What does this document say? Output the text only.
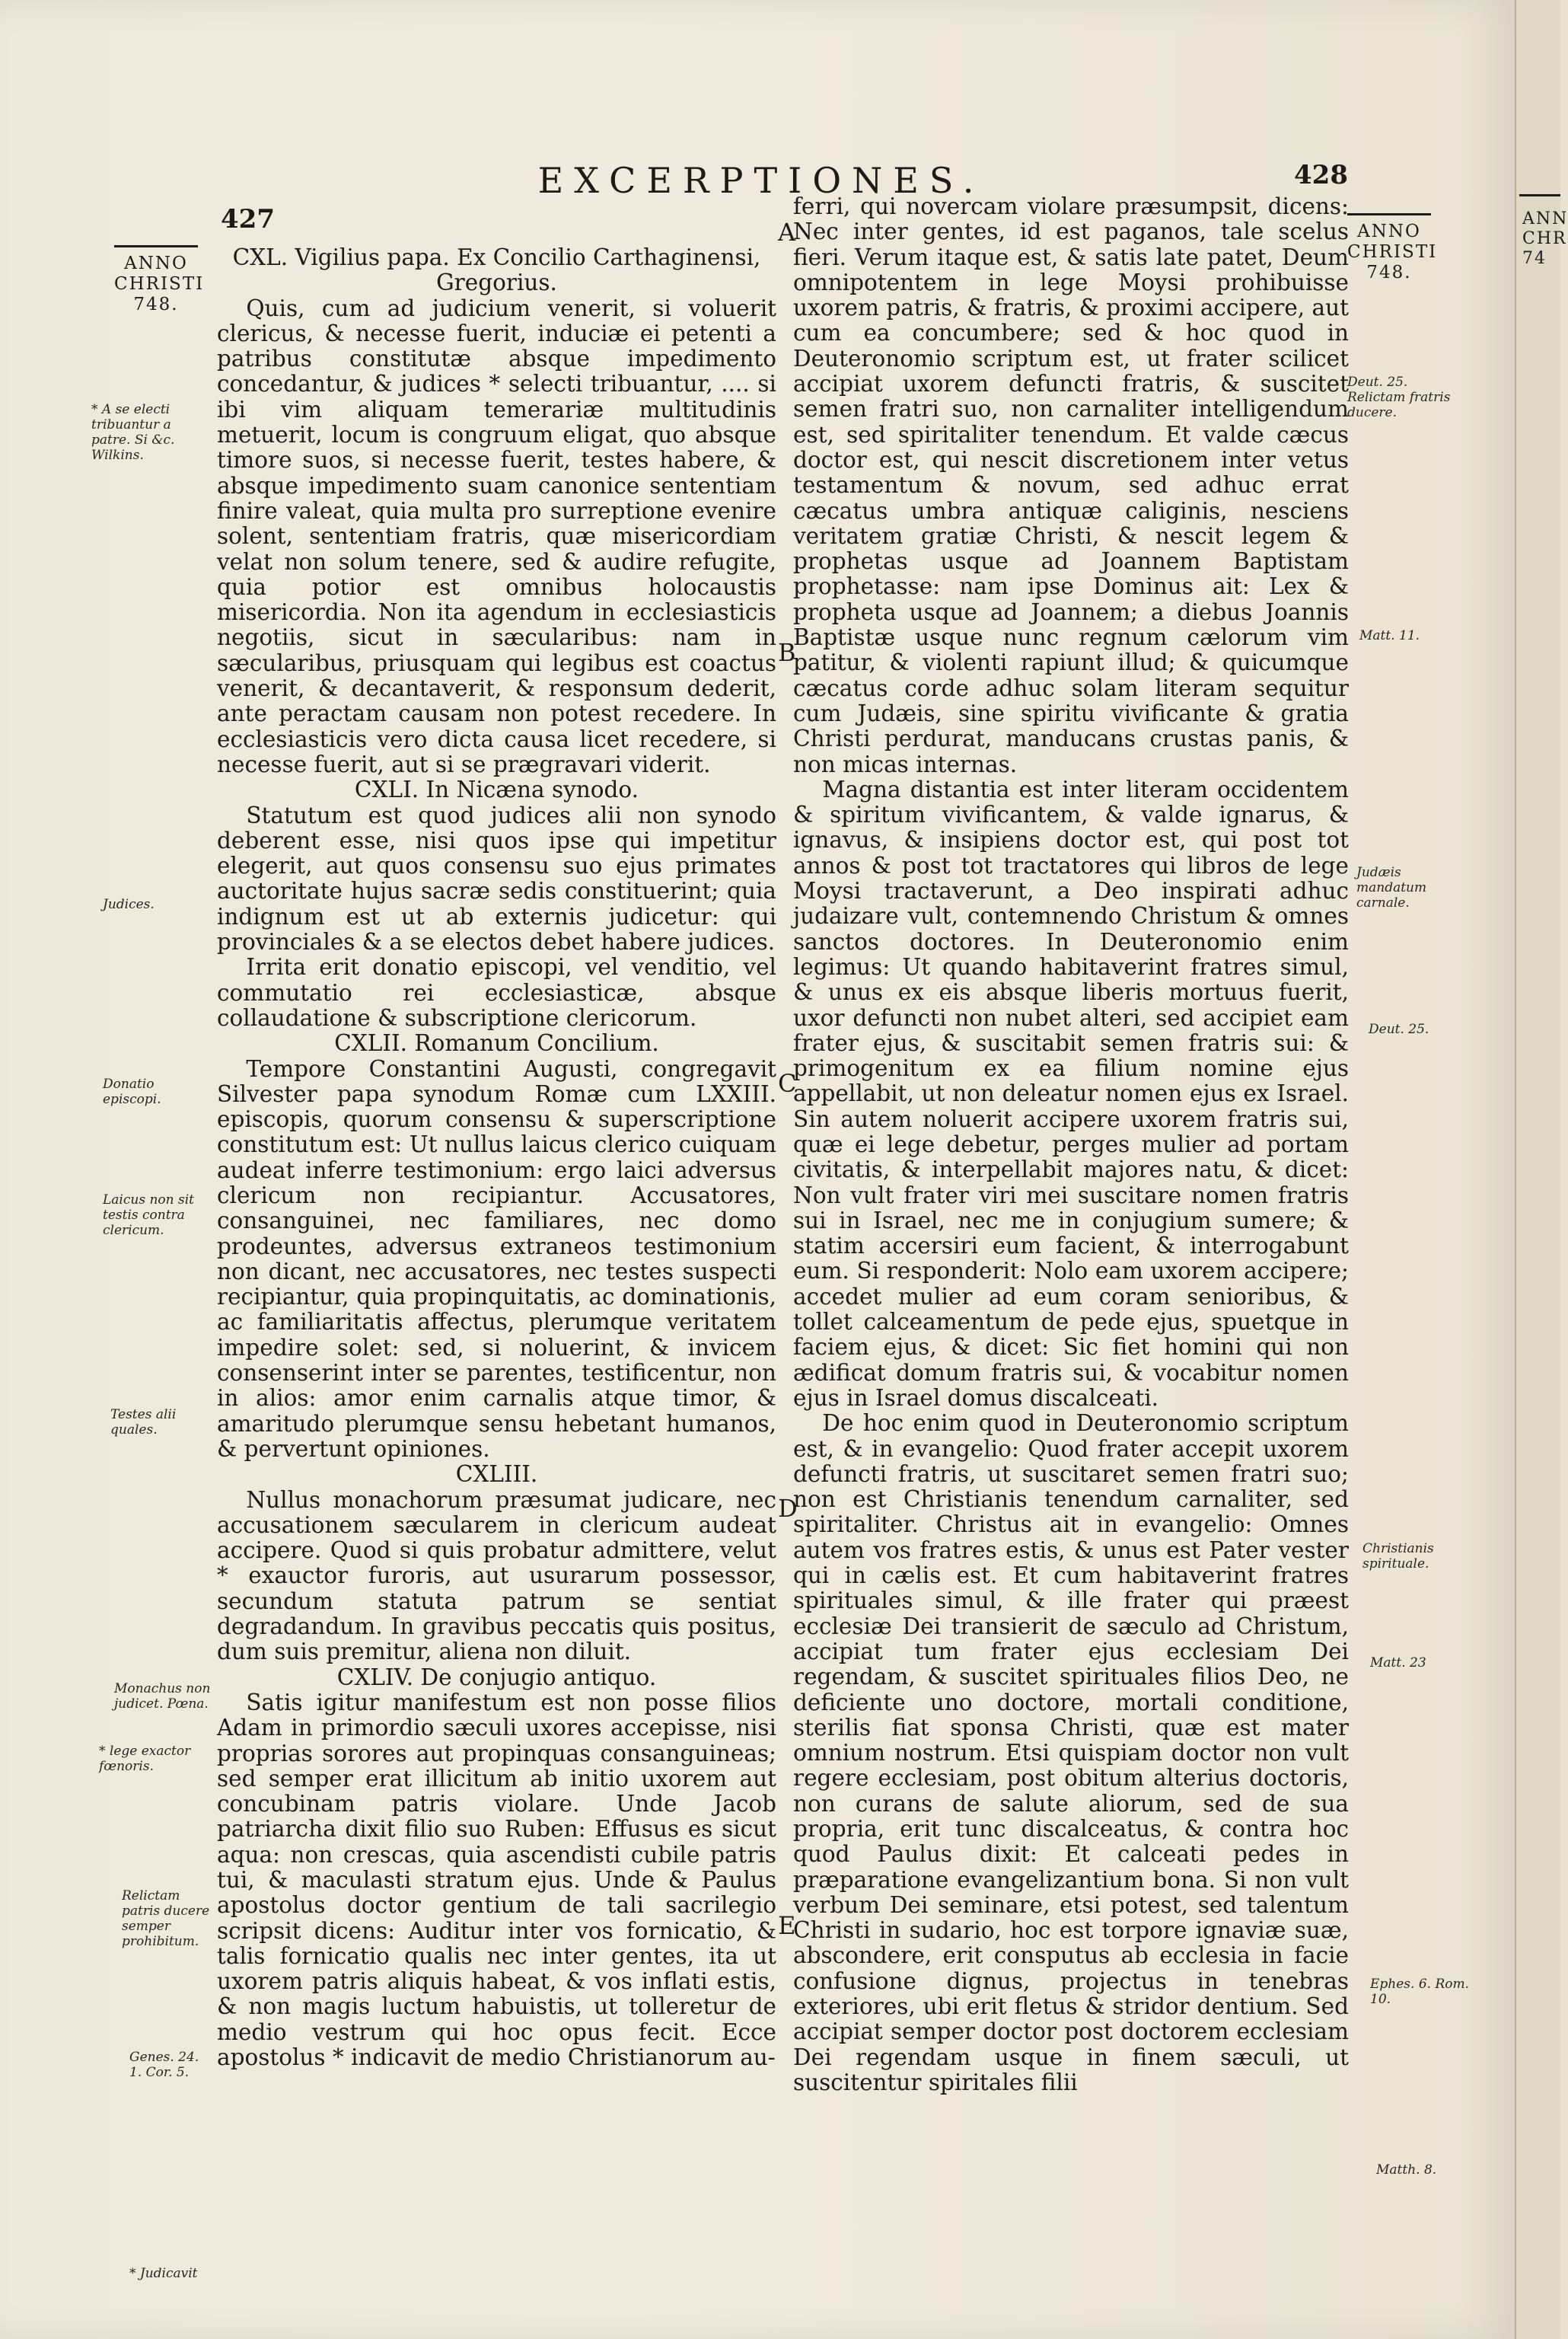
427
EXCERPTIONES.	428
ANNO CHRISTI 748.
ANNO CHRISTI 748.

CXL. Vigilius papa. Ex Concilio Carthaginensi, Gregorius.

Quis, cum ad judicium venerit, si voluerit clericus, & necesse fuerit, induciæ ei petenti a patribus constitutæ absque impedimento concedantur, & judices * selecti tribuantur, .... si ibi vim aliquam temerariæ multitudinis metuerit, locum is congruum eligat, quo absque timore suos, si necesse fuerit, testes habere, & absque impedimento suam canonice sententiam finire valeat, quia multa pro surreptione evenire solent, sententiam fratris, quæ misericordiam velat non solum tenere, sed & audire refugite, quia potior est omnibus holocaustis misericordia. Non ita agendum in ecclesiasticis negotiis, sicut in sæcularibus: nam in sæcularibus, priusquam qui legibus est coactus venerit, & decantaverit, & responsum dederit, ante peractam causam non potest recedere. In ecclesiasticis vero dicta causa licet recedere, si necesse fuerit, aut si se prægravari viderit.

CXLI. In Nicæna synodo.

Statutum est quod judices alii non synodo deberent esse, nisi quos ipse qui impetitur elegerit, aut quos consensu suo ejus primates auctoritate hujus sacræ sedis constituerint; quia indignum est ut ab externis judicetur: qui provinciales & a se electos debet habere judices.

Irrita erit donatio episcopi, vel venditio, vel commutatio rei ecclesiasticæ, absque collaudatione & subscriptione clericorum.

CXLII. Romanum Concilium.

Tempore Constantini Augusti, congregavit Silvester papa synodum Romæ cum LXXIII. episcopis, quorum consensu & superscriptione constitutum est: Ut nullus laicus clerico cuiquam audeat inferre testimonium: ergo laici adversus clericum non recipiantur. Accusatores, consanguinei, nec familiares, nec domo prodeuntes, adversus extraneos testimonium non dicant, nec accusatores, nec testes suspecti recipiantur, quia propinquitatis, ac dominationis, ac familiaritatis affectus, plerumque veritatem impedire solet: sed, si noluerint, & invicem consenserint inter se parentes, testificentur, non in alios: amor enim carnalis atque timor, & amaritudo plerumque sensu hebetant humanos, & pervertunt opiniones.

CXLIII.

Nullus monachorum præsumat judicare, nec accusationem sæcularem in clericum audeat accipere. Quod si quis probatur admittere, velut * exauctor furoris, aut usurarum possessor, secundum statuta patrum se sentiat degradandum. In gravibus peccatis quis positus, dum suis premitur, aliena non diluit.

CXLIV. De conjugio antiquo.

Satis igitur manifestum est non posse filios Adam in primordio sæculi uxores accepisse, nisi proprias sorores aut propinquas consanguineas; sed semper erat illicitum ab initio uxorem aut concubinam patris violare. Unde Jacob patriarcha dixit filio suo Ruben: Effusus es sicut aqua: non crescas, quia ascendisti cubile patris tui, & maculasti stratum ejus. Unde & Paulus apostolus doctor gentium de tali sacrilegio scripsit dicens: Auditur inter vos fornicatio, & talis fornicatio qualis nec inter gentes, ita ut uxorem patris aliquis habeat, & vos inflati estis, & non magis luctum habuistis, ut tolleretur de medio vestrum qui hoc opus fecit. Ecce apostolus * indicavit de medio Christianorum au-

ferri, qui novercam violare præsumpsit, dicens: Nec inter gentes, id est paganos, tale scelus fieri. Verum itaque est, & satis late patet, Deum omnipotentem in lege Moysi prohibuisse uxorem patris, & fratris, & proximi accipere, aut cum ea concumbere; sed & hoc quod in Deuteronomio scriptum est, ut frater scilicet accipiat uxorem defuncti fratris, & suscitet semen fratri suo, non carnaliter intelligendum est, sed spiritaliter tenendum. Et valde cæcus doctor est, qui nescit discretionem inter vetus testamentum & novum, sed adhuc errat cæcatus umbra antiquæ caliginis, nesciens veritatem gratiæ Christi, & nescit legem & prophetas usque ad Joannem Baptistam prophetasse: nam ipse Dominus ait: Lex & propheta usque ad Joannem; a diebus Joannis Baptistæ usque nunc regnum cælorum vim patitur, & violenti rapiunt illud; & quicumque cæcatus corde adhuc solam literam sequitur cum Judæis, sine spiritu vivificante & gratia Christi perdurat, manducans crustas panis, & non micas internas.

Magna distantia est inter literam occidentem & spiritum vivificantem, & valde ignarus, & ignavus, & insipiens doctor est, qui post tot annos & post tot tractatores qui libros de lege Moysi tractaverunt, a Deo inspirati adhuc judaizare vult, contemnendo Christum & omnes sanctos doctores. In Deuteronomio enim legimus: Ut quando habitaverint fratres simul, & unus ex eis absque liberis mortuus fuerit, uxor defuncti non nubet alteri, sed accipiet eam frater ejus, & suscitabit semen fratris sui: & primogenitum ex ea filium nomine ejus appellabit, ut non deleatur nomen ejus ex Israel. Sin autem noluerit accipere uxorem fratris sui, quæ ei lege debetur, perges mulier ad portam civitatis, & interpellabit majores natu, & dicet: Non vult frater viri mei suscitare nomen fratris sui in Israel, nec me in conjugium sumere; & statim accersiri eum facient, & interrogabunt eum. Si responderit: Nolo eam uxorem accipere; accedet mulier ad eum coram senioribus, & tollet calceamentum de pede ejus, spuetque in faciem ejus, & dicet: Sic fiet homini qui non ædificat domum fratris sui, & vocabitur nomen ejus in Israel domus discalceati.

De hoc enim quod in Deuteronomio scriptum est, & in evangelio: Quod frater accepit uxorem defuncti fratris, ut suscitaret semen fratri suo; non est Christianis tenendum carnaliter, sed spiritaliter. Christus ait in evangelio: Omnes autem vos fratres estis, & unus est Pater vester qui in cælis est. Et cum habitaverint fratres spirituales simul, & ille frater qui præest ecclesiæ Dei transierit de sæculo ad Christum, accipiat tum frater ejus ecclesiam Dei regendam, & suscitet spirituales filios Deo, ne deficiente uno doctore, mortali conditione, sterilis fiat sponsa Christi, quæ est mater omnium nostrum. Etsi quispiam doctor non vult regere ecclesiam, post obitum alterius doctoris, non curans de salute aliorum, sed de sua propria, erit tunc discalceatus, & contra hoc quod Paulus dixit: Et calceati pedes in præparatione evangelizantium bona. Si non vult verbum Dei seminare, etsi potest, sed talentum Christi in sudario, hoc est torpore ignaviæ suæ, abscondere, erit consputus ab ecclesia in facie confusione dignus, projectus in tenebras exteriores, ubi erit fletus & stridor dentium. Sed accipiat semper doctor post doctorem ecclesiam Dei regendam usque in finem sæculi, ut suscitentur spiritales filii

* A se electi tribuantur a patre. Si &c. Wilkins.
Judices.
Donatio episcopi.
Laicus non sit testis contra clericum.
Testes alii quales.
Monachus non judicet. Pœna.
* lege exactor fœnoris.
Relictam patris ducere semper prohibitum.
Genes. 24. 1. Cor. 5.
* Judicavit
Deut. 25. Relictam fratris ducere.
Matt. 11.
Judæis mandatum carnale.
Deut. 25.
Christianis spirituale.
Matt. 23
Ephes. 6. Rom. 10.
Matth. 8.
A
B
C
D
E
ANN CHR 74
